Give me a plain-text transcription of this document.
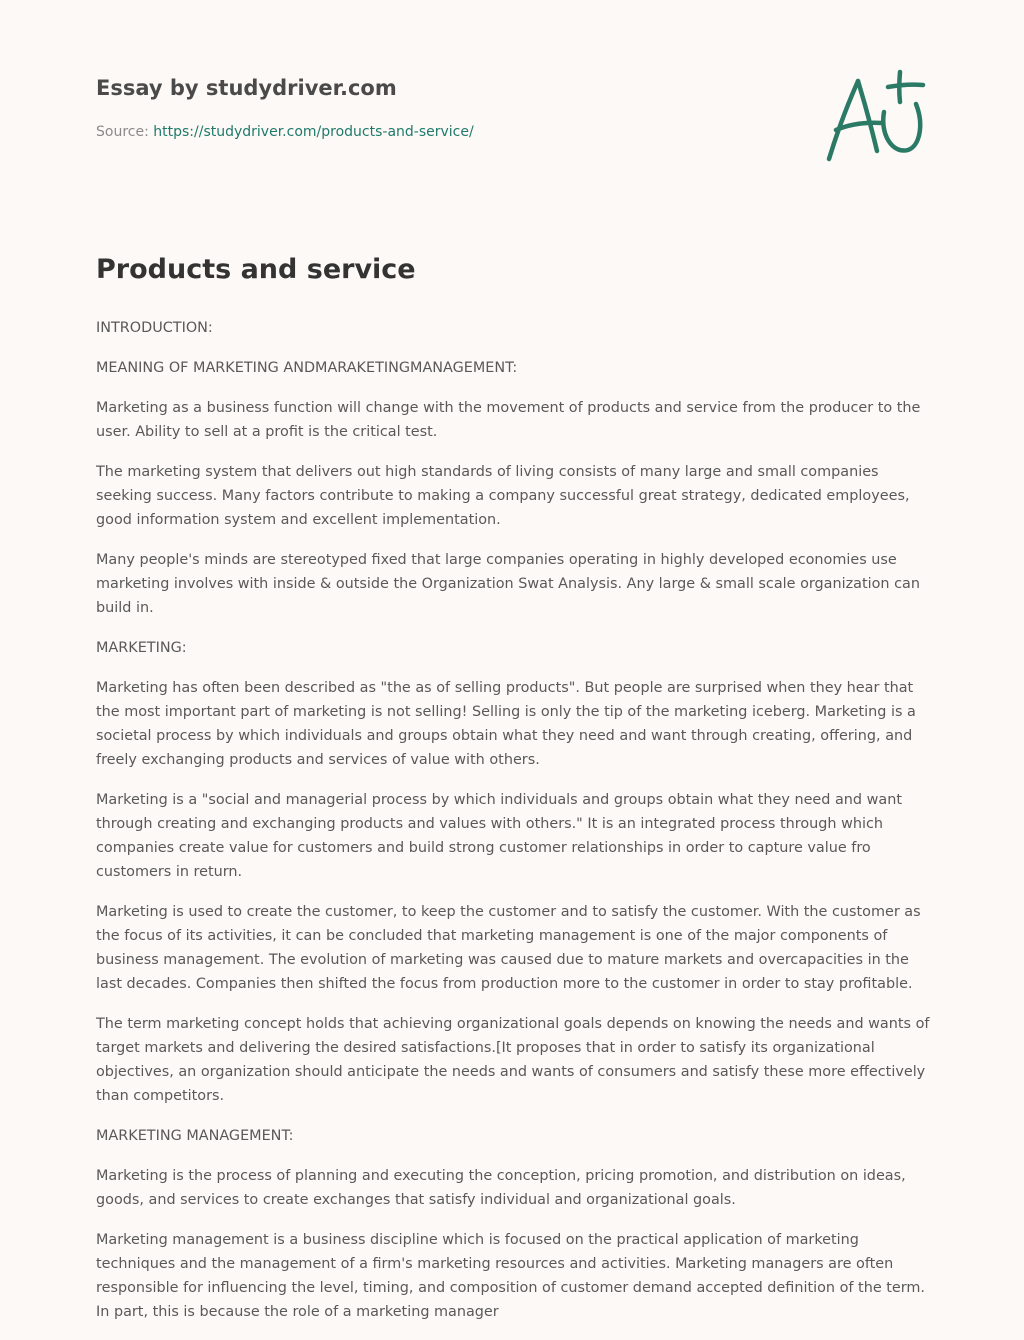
Essay by studydriver.com
Source: https://studydriver.com/products-and-service/
Products and service

INTRODUCTION:

MEANING OF MARKETING ANDMARAKETINGMANAGEMENT:

Marketing as a business function will change with the movement of products and service from the producer to the user. Ability to sell at a profit is the critical test.

The marketing system that delivers out high standards of living consists of many large and small companies seeking success. Many factors contribute to making a company successful great strategy, dedicated employees, good information system and excellent implementation.

Many people's minds are stereotyped fixed that large companies operating in highly developed economies use marketing involves with inside & outside the Organization Swat Analysis. Any large & small scale organization can build in.

MARKETING:

Marketing has often been described as "the as of selling products". But people are surprised when they hear that the most important part of marketing is not selling! Selling is only the tip of the marketing iceberg. Marketing is a societal process by which individuals and groups obtain what they need and want through creating, offering, and freely exchanging products and services of value with others.

Marketing is a "social and managerial process by which individuals and groups obtain what they need and want through creating and exchanging products and values with others." It is an integrated process through which companies create value for customers and build strong customer relationships in order to capture value fro customers in return.

Marketing is used to create the customer, to keep the customer and to satisfy the customer. With the customer as the focus of its activities, it can be concluded that marketing management is one of the major components of business management. The evolution of marketing was caused due to mature markets and overcapacities in the last decades. Companies then shifted the focus from production more to the customer in order to stay profitable.

The term marketing concept holds that achieving organizational goals depends on knowing the needs and wants of target markets and delivering the desired satisfactions.[It proposes that in order to satisfy its organizational objectives, an organization should anticipate the needs and wants of consumers and satisfy these more effectively than competitors.

MARKETING MANAGEMENT:

Marketing is the process of planning and executing the conception, pricing promotion, and distribution on ideas, goods, and services to create exchanges that satisfy individual and organizational goals.

Marketing management is a business discipline which is focused on the practical application of marketing techniques and the management of a firm's marketing resources and activities. Marketing managers are often responsible for influencing the level, timing, and composition of customer demand accepted definition of the term. In part, this is because the role of a marketing manager
